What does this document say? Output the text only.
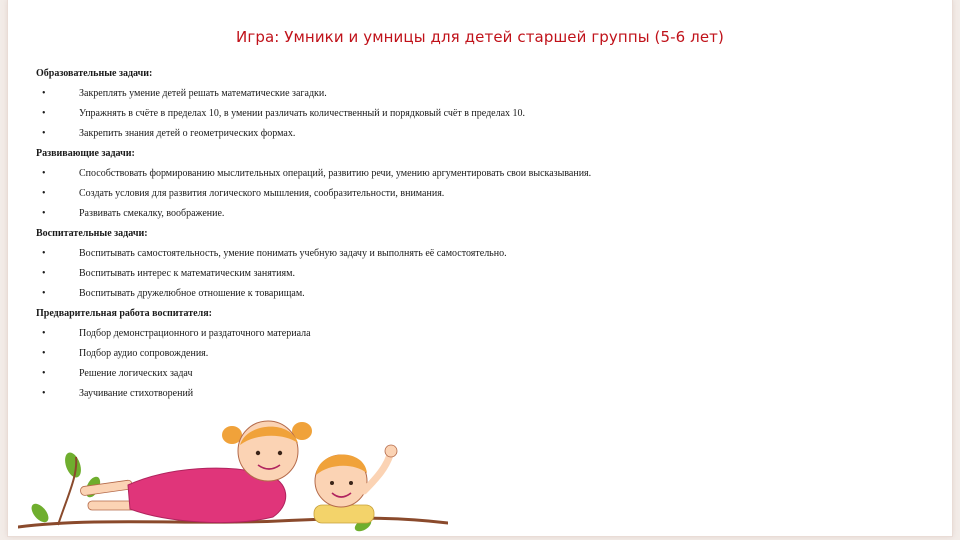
Игра: Умники и умницы для детей старшей группы (5-6 лет)
Образовательные задачи:
•	Закреплять умение детей решать математические загадки.
•	Упражнять в счёте в пределах 10, в умении различать количественный и порядковый счёт в пределах 10.
•	Закрепить знания детей о геометрических формах.
Развивающие задачи:
•	Способствовать формированию мыслительных операций, развитию речи, умению аргументировать свои высказывания.
•	Создать условия для развития логического мышления, сообразительности, внимания.
•	Развивать смекалку, воображение.
Воспитательные задачи:
•	Воспитывать самостоятельность, умение понимать учебную задачу и выполнять её самостоятельно.
•	Воспитывать интерес к математическим занятиям.
•	Воспитывать дружелюбное отношение к товарищам.
Предварительная работа воспитателя:
•	Подбор демонстрационного и раздаточного материала
•	Подбор аудио сопровождения.
•	Решение логических задач
•	Заучивание стихотворений
